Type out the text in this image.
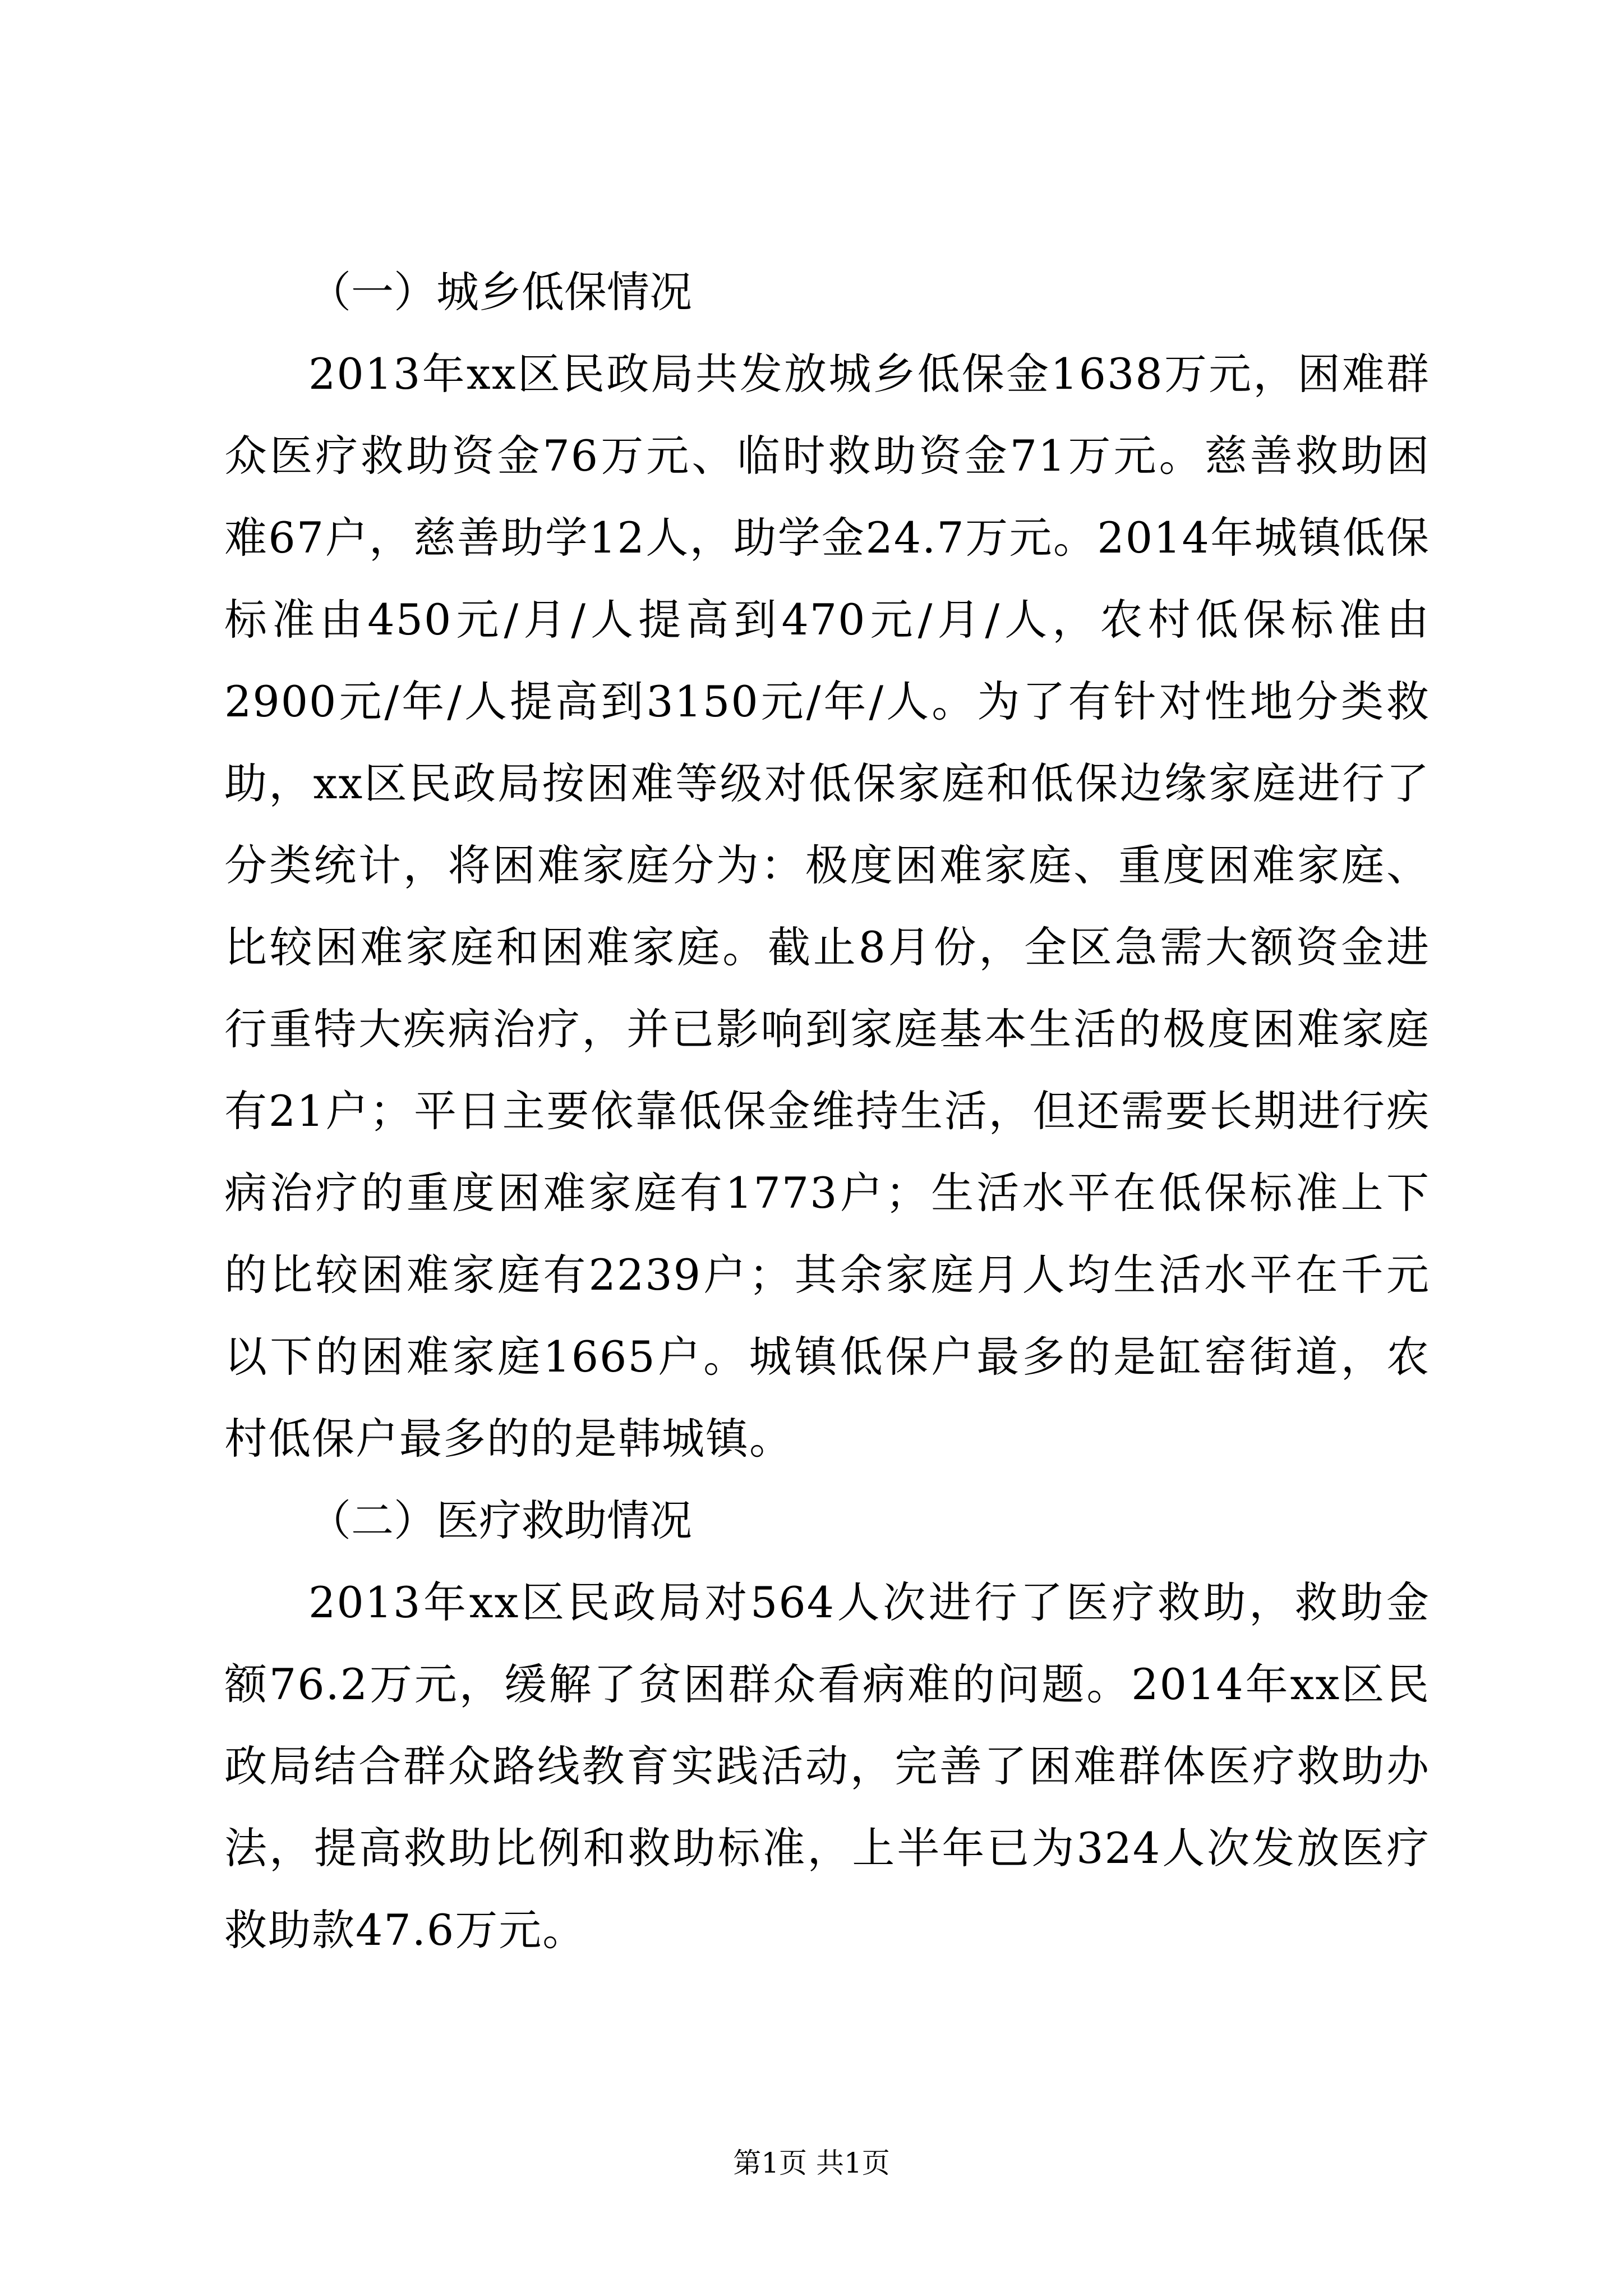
（一）城乡低保情况

2013年xx区民政局共发放城乡低保金1638万元，困难群众医疗救助资金76万元、临时救助资金71万元。慈善救助困难67户，慈善助学12人，助学金24.7万元。2014年城镇低保标准由450元/月/人提高到470元/月/人，农村低保标准由2900元/年/人提高到3150元/年/人。为了有针对性地分类救助，xx区民政局按困难等级对低保家庭和低保边缘家庭进行了分类统计，将困难家庭分为：极度困难家庭、重度困难家庭、比较困难家庭和困难家庭。截止8月份，全区急需大额资金进行重特大疾病治疗，并已影响到家庭基本生活的极度困难家庭有21户；平日主要依靠低保金维持生活，但还需要长期进行疾病治疗的重度困难家庭有1773户；生活水平在低保标准上下的比较困难家庭有2239户；其余家庭月人均生活水平在千元以下的困难家庭1665户。城镇低保户最多的是缸窑街道，农村低保户最多的的是韩城镇。

（二）医疗救助情况

2013年xx区民政局对564人次进行了医疗救助，救助金额76.2万元，缓解了贫困群众看病难的问题。2014年xx区民政局结合群众路线教育实践活动，完善了困难群体医疗救助办法，提高救助比例和救助标准，上半年已为324人次发放医疗救助款47.6万元。

第1页 共1页
